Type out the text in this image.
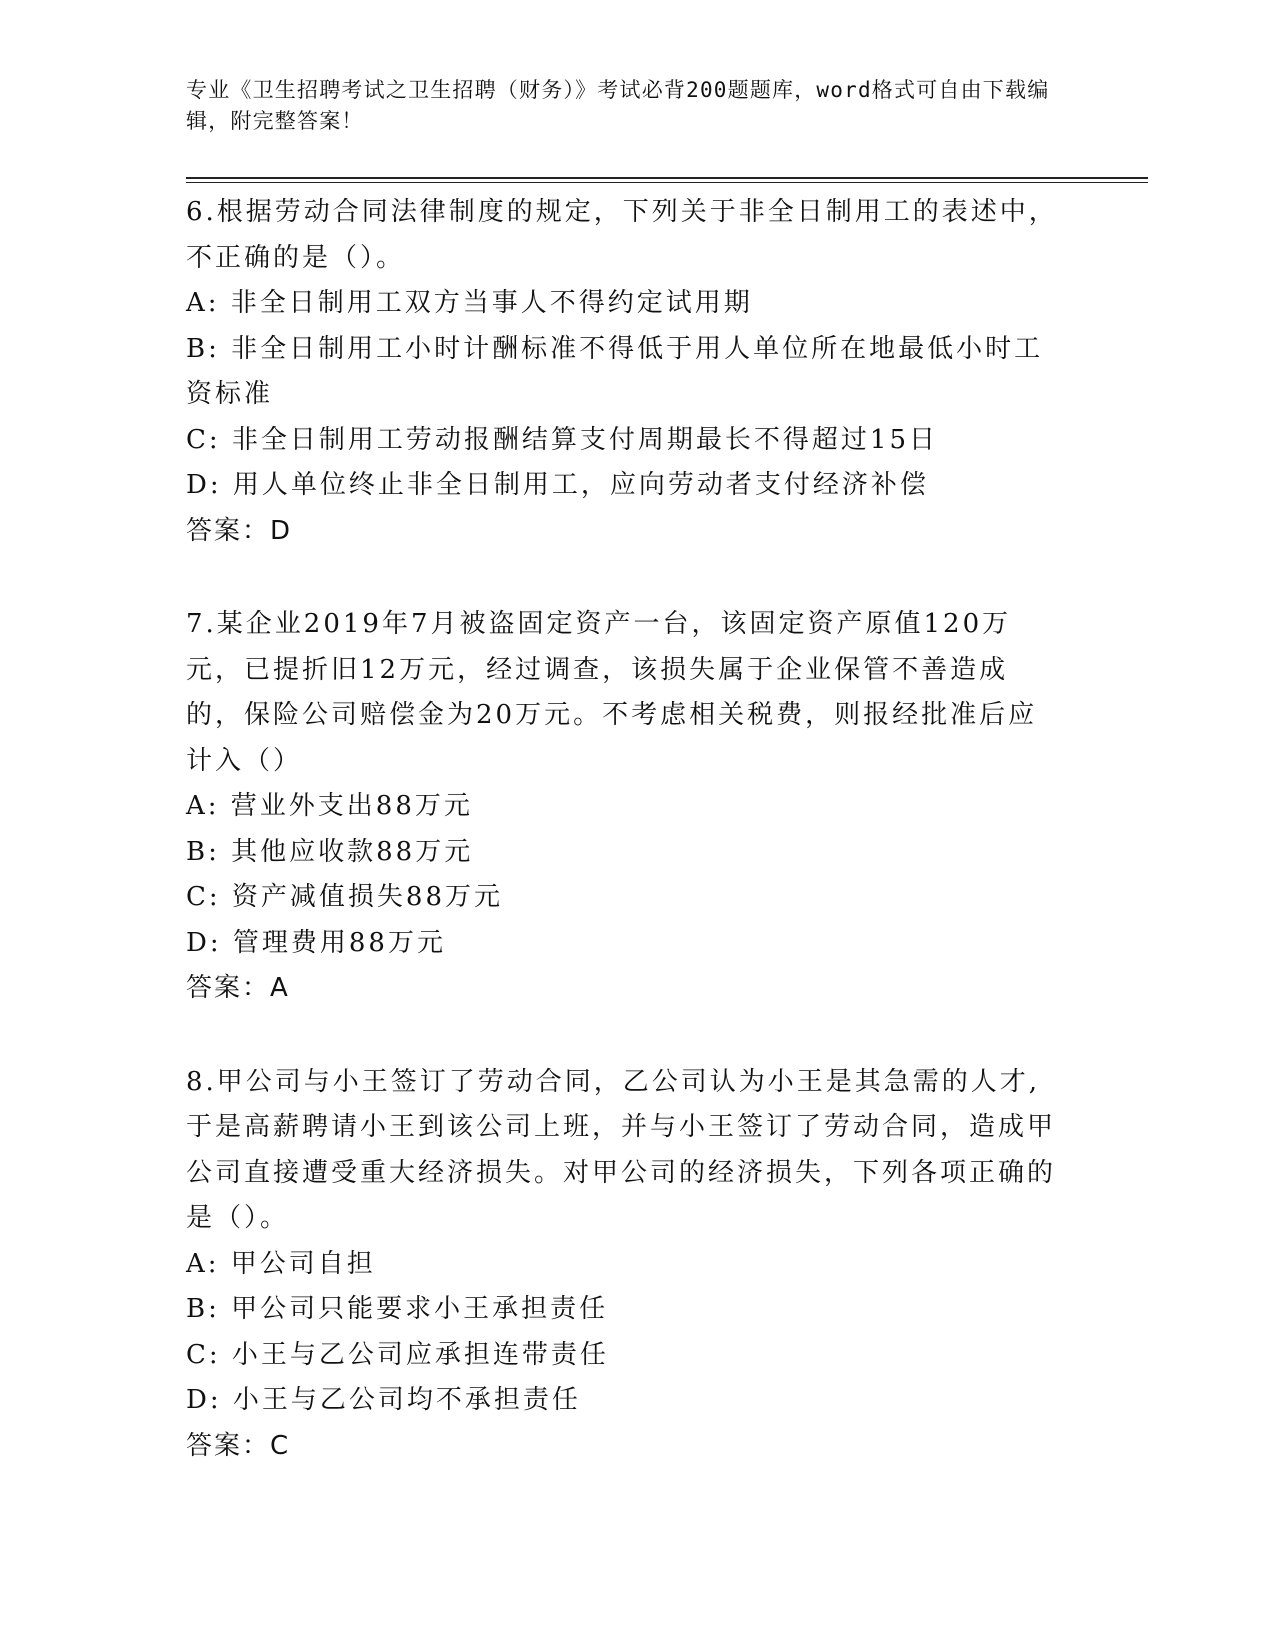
专业《卫生招聘考试之卫生招聘（财务）》考试必背200题题库，word格式可自由下载编辑，附完整答案！
6.根据劳动合同法律制度的规定，下列关于非全日制用工的表述中，不正确的是（）。
A: 非全日制用工双方当事人不得约定试用期
B: 非全日制用工小时计酬标准不得低于用人单位所在地最低小时工资标准
C: 非全日制用工劳动报酬结算支付周期最长不得超过15日
D: 用人单位终止非全日制用工，应向劳动者支付经济补偿
答案：D
7.某企业2019年7月被盗固定资产一台，该固定资产原值120万元，已提折旧12万元，经过调查，该损失属于企业保管不善造成的，保险公司赔偿金为20万元。不考虑相关税费，则报经批准后应计入（）
A: 营业外支出88万元
B: 其他应收款88万元
C: 资产减值损失88万元
D: 管理费用88万元
答案：A
8.甲公司与小王签订了劳动合同，乙公司认为小王是其急需的人才,于是高薪聘请小王到该公司上班，并与小王签订了劳动合同，造成甲公司直接遭受重大经济损失。对甲公司的经济损失，下列各项正确的是（）。
A: 甲公司自担
B: 甲公司只能要求小王承担责任
C: 小王与乙公司应承担连带责任
D: 小王与乙公司均不承担责任
答案：C
